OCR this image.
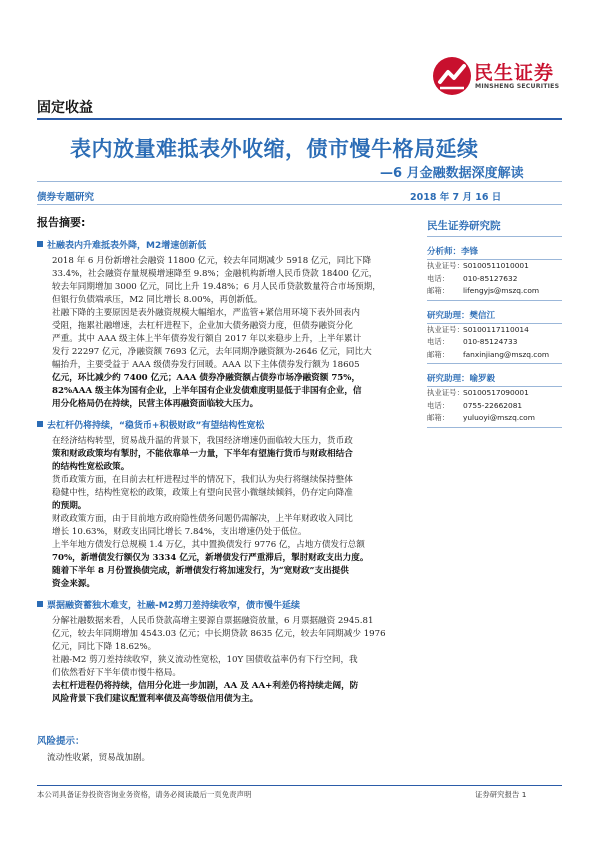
民生证券
MINSHENG SECURITIES
固定收益
表内放量难抵表外收缩，债市慢牛格局延续
—6 月金融数据深度解读
债券专题研究	2018 年 7 月 16 日
报告摘要:
社融表内升难抵表外降，M2增速创新低
2018 年 6 月份新增社会融资 11800 亿元，较去年同期减少 5918 亿元，同比下降
33.4%，社会融资存量规模增速降至 9.8%；金融机构新增人民币贷款 18400 亿元，
较去年同期增加 3000 亿元，同比上升 19.48%；6 月人民币贷款数量符合市场预期，
但银行负债端承压，M2 同比增长 8.00%，再创新低。
社融下降的主要原因是表外融资规模大幅缩水，严监管+紧信用环境下表外回表内
受阻，拖累社融增速，去杠杆进程下，企业加大债务融资力度，但债券融资分化
严重。其中 AAA 级主体上半年债券发行额自 2017 年以来稳步上升，上半年累计
发行 22297 亿元，净融资额 7693 亿元，去年同期净融资额为-2646 亿元，同比大
幅抬升，主要受益于 AAA 级债券发行回暖。AAA 以下主体债券发行额为 18605
亿元，环比减少约 7400 亿元；AAA 债券净融资额占债券市场净融资额 75%，
82%AAA 级主体为国有企业，上半年国有企业发债难度明显低于非国有企业，信
用分化格局仍在持续，民营主体再融资面临较大压力。
去杠杆仍将持续，“稳货币+积极财政”有望结构性宽松
在经济结构转型，贸易战升温的背景下，我国经济增速仍面临较大压力，货币政
策和财政政策均有掣肘，不能依靠单一力量，下半年有望施行货币与财政相结合
的结构性宽松政策。
货币政策方面，在目前去杠杆进程过半的情况下，我们认为央行将继续保持整体
稳健中性，结构性宽松的政策，政策上有望向民营小微继续倾斜，仍存定向降准
的预期。
财政政策方面，由于目前地方政府隐性债务问题仍需解决，上半年财政收入同比
增长 10.63%，财政支出同比增长 7.84%，支出增速仍处于低位。
上半年地方债发行总规模 1.4 万亿，其中置换债发行 9776 亿，占地方债发行总额
70%，新增债发行额仅为 3334 亿元，新增债发行严重滞后，掣肘财政支出力度。
随着下半年 8 月份置换债完成，新增债发行将加速发行，为“宽财政”支出提供
资金来源。
票据融资蓄独木难支，社融-M2剪刀差持续收窄，债市慢牛延续
分解社融数据来看，人民币贷款高增主要源自票据融资放量，6 月票据融资 2945.81
亿元，较去年同期增加 4543.03 亿元；中长期贷款 8635 亿元，较去年同期减少 1976
亿元，同比下降 18.62%。
社融-M2 剪刀差持续收窄，狭义流动性宽松，10Y 国债收益率仍有下行空间，我
们依然看好下半年债市慢牛格局。
去杠杆进程仍将持续，信用分化进一步加剧，AA 及 AA+利差仍将持续走阔，防
风险背景下我们建议配置利率债及高等级信用债为主。
民生证券研究院
分析师：李锋
执业证号：S0100511010001
电话： 010-85127632
邮箱： lifengyjs@mszq.com
研究助理：樊信江
执业证号：S0100117110014
电话： 010-85124733
邮箱： fanxinjiang@mszq.com
研究助理：喻罗毅
执业证号：S0100517090001
电话： 0755-22662081
邮箱： yuluoyi@mszq.com
风险提示：
流动性收紧，贸易战加剧。
本公司具备证券投资咨询业务资格，请务必阅读最后一页免责声明	证券研究报告 1
